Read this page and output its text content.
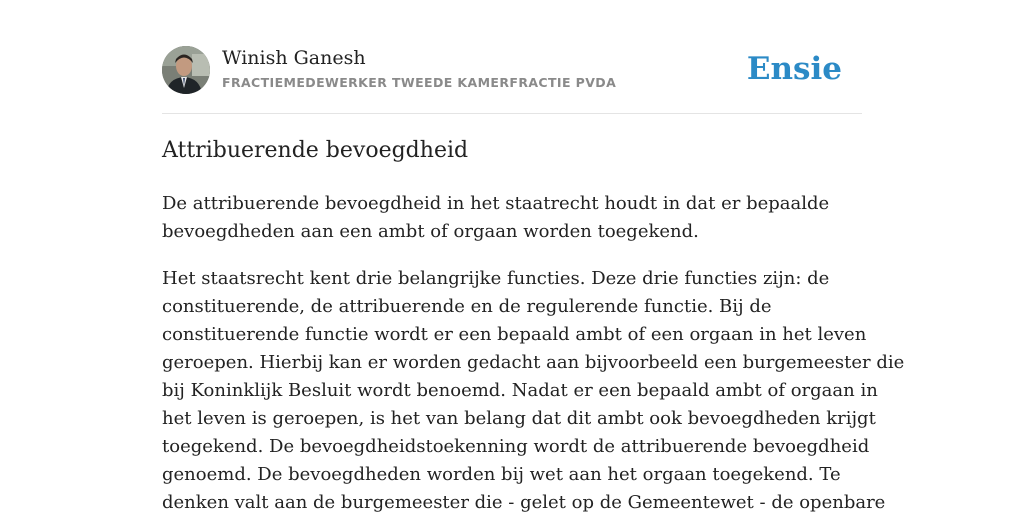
Winish Ganesh
FRACTIEMEDEWERKER TWEEDE KAMERFRACTIE PVDA	Ensie
Attribuerende bevoegdheid

De attribuerende bevoegdheid in het staatrecht houdt in dat er bepaalde
bevoegdheden aan een ambt of orgaan worden toegekend.

Het staatsrecht kent drie belangrijke functies. Deze drie functies zijn: de
constituerende, de attribuerende en de regulerende functie. Bij de
constituerende functie wordt er een bepaald ambt of een orgaan in het leven
geroepen. Hierbij kan er worden gedacht aan bijvoorbeeld een burgemeester die
bij Koninklijk Besluit wordt benoemd. Nadat er een bepaald ambt of orgaan in
het leven is geroepen, is het van belang dat dit ambt ook bevoegdheden krijgt
toegekend. De bevoegdheidstoekenning wordt de attribuerende bevoegdheid
genoemd. De bevoegdheden worden bij wet aan het orgaan toegekend. Te
denken valt aan de burgemeester die - gelet op de Gemeentewet - de openbare
